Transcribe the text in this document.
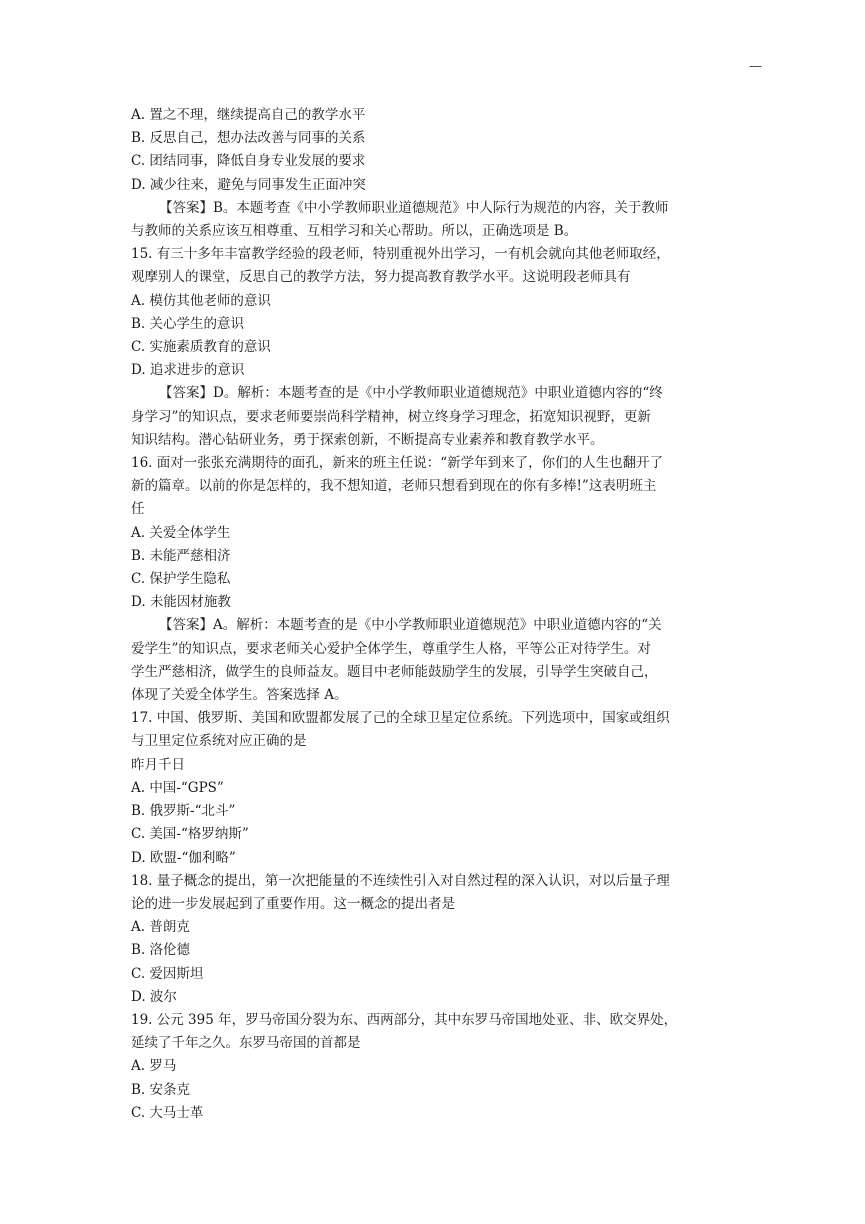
—

A. 置之不理，继续提高自己的教学水平

B. 反思自己，想办法改善与同事的关系

C. 团结同事，降低自身专业发展的要求

D. 减少往来，避免与同事发生正面冲突

【答案】B。本题考查《中小学教师职业道德规范》中人际行为规范的内容，关于教师

与教师的关系应该互相尊重、互相学习和关心帮助。所以，正确选项是 B。

15. 有三十多年丰富教学经验的段老师，特别重视外出学习，一有机会就向其他老师取经，

观摩别人的课堂，反思自己的教学方法，努力提高教育教学水平。这说明段老师具有

A. 模仿其他老师的意识

B. 关心学生的意识

C. 实施素质教育的意识

D. 追求进步的意识

【答案】D。解析：本题考查的是《中小学教师职业道德规范》中职业道德内容的“终

身学习”的知识点，要求老师要崇尚科学精神，树立终身学习理念，拓宽知识视野，更新

知识结构。潜心钻研业务，勇于探索创新，不断提高专业素养和教育教学水平。

16. 面对一张张充满期待的面孔，新来的班主任说：“新学年到来了，你们的人生也翻开了

新的篇章。以前的你是怎样的，我不想知道，老师只想看到现在的你有多棒!”这表明班主

任

A. 关爱全体学生

B. 未能严慈相济

C. 保护学生隐私

D. 未能因材施教

【答案】A。解析：本题考查的是《中小学教师职业道德规范》中职业道德内容的“关

爱学生”的知识点，要求老师关心爱护全体学生，尊重学生人格，平等公正对待学生。对

学生严慈相济，做学生的良师益友。题目中老师能鼓励学生的发展，引导学生突破自己，

体现了关爱全体学生。答案选择 A。

17. 中国、俄罗斯、美国和欧盟都发展了己的全球卫星定位系统。下列选项中，国家或组织

与卫里定位系统对应正确的是

昨月千日

A. 中国-“GPS”

B. 俄罗斯-“北斗”

C. 美国-“格罗纳斯”

D. 欧盟-“伽利略”

18. 量子概念的提出，第一次把能量的不连续性引入对自然过程的深入认识，对以后量子理

论的进一步发展起到了重要作用。这一概念的提出者是

A. 普朗克

B. 洛伦德

C. 爱因斯坦

D. 波尔

19. 公元 395 年，罗马帝国分裂为东、西两部分，其中东罗马帝国地处亚、非、欧交界处，

延续了千年之久。东罗马帝国的首都是

A. 罗马

B. 安条克

C. 大马士革
